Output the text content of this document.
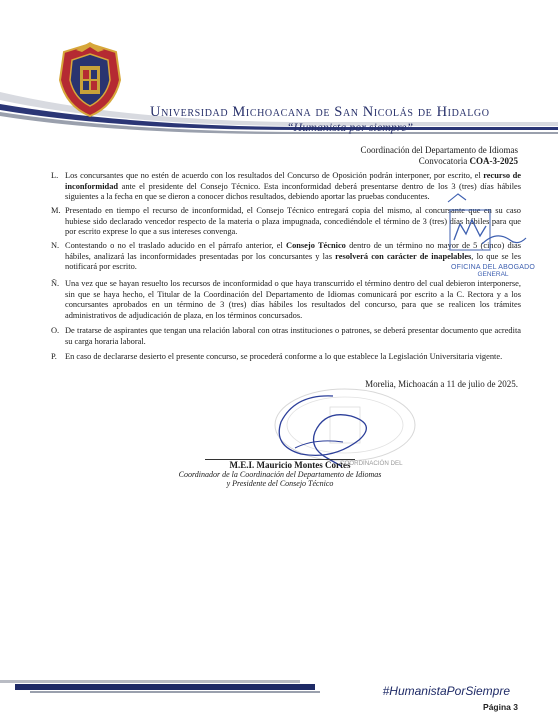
Universidad Michoacana de San Nicolás de Hidalgo
“Humanista por siempre”
Coordinación del Departamento de Idiomas
Convocatoria COA-3-2025
L. Los concursantes que no estén de acuerdo con los resultados del Concurso de Oposición podrán interponer, por escrito, el recurso de inconformidad ante el presidente del Consejo Técnico. Esta inconformidad deberá presentarse dentro de los 3 (tres) días hábiles siguientes a la fecha en que se dieron a conocer dichos resultados, debiendo aportar las pruebas conducentes.
M. Presentado en tiempo el recurso de inconformidad, el Consejo Técnico entregará copia del mismo, al concursante que en su caso hubiese sido declarado vencedor respecto de la materia o plaza impugnada, concediéndole el término de 3 (tres) días hábiles para que por escrito exprese lo que a sus intereses convenga.
N. Contestando o no el traslado aducido en el párrafo anterior, el Consejo Técnico dentro de un término no mayor de 5 (cinco) días hábiles, analizará las inconformidades presentadas por los concursantes y las resolverá con carácter de inapelables, lo que se les notificará por escrito.
Ñ. Una vez que se hayan resuelto los recursos de inconformidad o que haya transcurrido el término dentro del cual debieron interponerse, sin que se haya hecho, el Titular de la Coordinación del Departamento de Idiomas comunicará por escrito a la C. Rectora y a los concursantes aprobados en un término de 3 (tres) días hábiles los resultados del concurso, para que se realicen los trámites administrativos de adjudicación de plaza, en los términos concursados.
O. De tratarse de aspirantes que tengan una relación laboral con otras instituciones o patrones, se deberá presentar documento que acredita su carga horaria laboral.
P. En caso de declararse desierto el presente concurso, se procederá conforme a lo que establece la Legislación Universitaria vigente.
Morelia, Michoacán a 11 de julio de 2025.
M.E.I. Mauricio Montes Cortes
Coordinador de la Coordinación del Departamento de Idiomas
y Presidente del Consejo Técnico
COORDINACIÓN DEL
OFICINA DEL ABOGADO
GENERAL
#HumanistaPorSiempre
Página 3
